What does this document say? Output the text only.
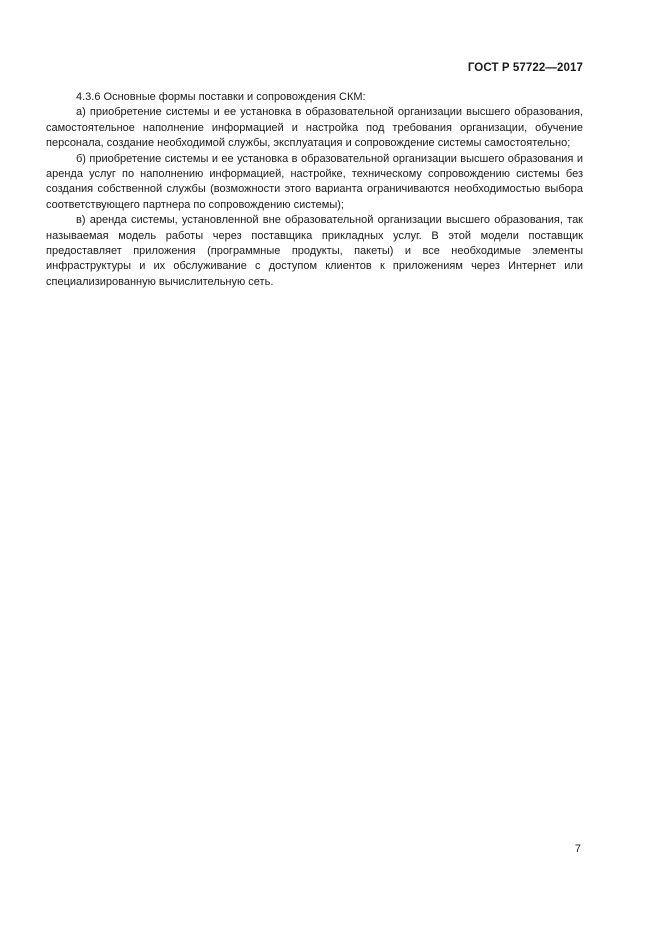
ГОСТ Р 57722—2017

4.3.6 Основные формы поставки и сопровождения СКМ:

а) приобретение системы и ее установка в образовательной организации высшего образования, самостоятельное наполнение информацией и настройка под требования организации, обучение персонала, создание необходимой службы, эксплуатация и сопровождение системы самостоятельно;

б) приобретение системы и ее установка в образовательной организации высшего образования и аренда услуг по наполнению информацией, настройке, техническому сопровождению системы без создания собственной службы (возможности этого варианта ограничиваются необходимостью выбора соответствующего партнера по сопровождению системы);

в) аренда системы, установленной вне образовательной организации высшего образования, так называемая модель работы через поставщика прикладных услуг. В этой модели поставщик предоставляет приложения (программные продукты, пакеты) и все необходимые элементы инфраструктуры и их обслуживание с доступом клиентов к приложениям через Интернет или специализированную вычислительную сеть.

7
